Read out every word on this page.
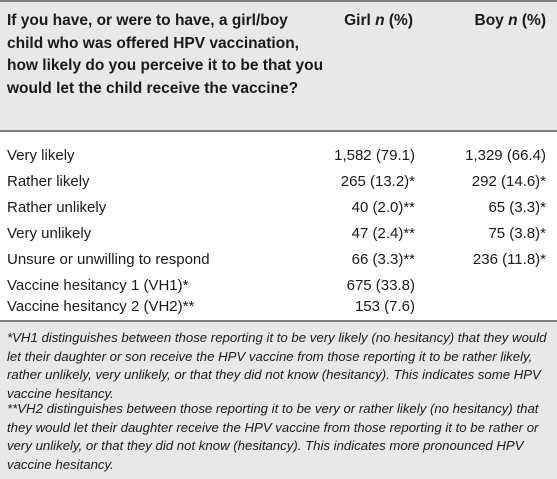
If you have, or were to have, a girl/boy child who was offered HPV vaccination, how likely do you perceive it to be that you would let the child receive the vaccine?
Girl n (%)	Boy n (%)
Very likely	1,582 (79.1)	1,329 (66.4)
Rather likely	265 (13.2)*	292 (14.6)*
Rather unlikely	40 (2.0)**	65 (3.3)*
Very unlikely	47 (2.4)**	75 (3.8)*
Unsure or unwilling to respond	66 (3.3)**	236 (11.8)*
Vaccine hesitancy 1 (VH1)*	675 (33.8)
Vaccine hesitancy 2 (VH2)**	153 (7.6)
*VH1 distinguishes between those reporting it to be very likely (no hesitancy) that they would let their daughter or son receive the HPV vaccine from those reporting it to be rather likely, rather unlikely, very unlikely, or that they did not know (hesitancy). This indicates some HPV vaccine hesitancy.
**VH2 distinguishes between those reporting it to be very or rather likely (no hesitancy) that they would let their daughter receive the HPV vaccine from those reporting it to be rather or very unlikely, or that they did not know (hesitancy). This indicates more pronounced HPV vaccine hesitancy.
